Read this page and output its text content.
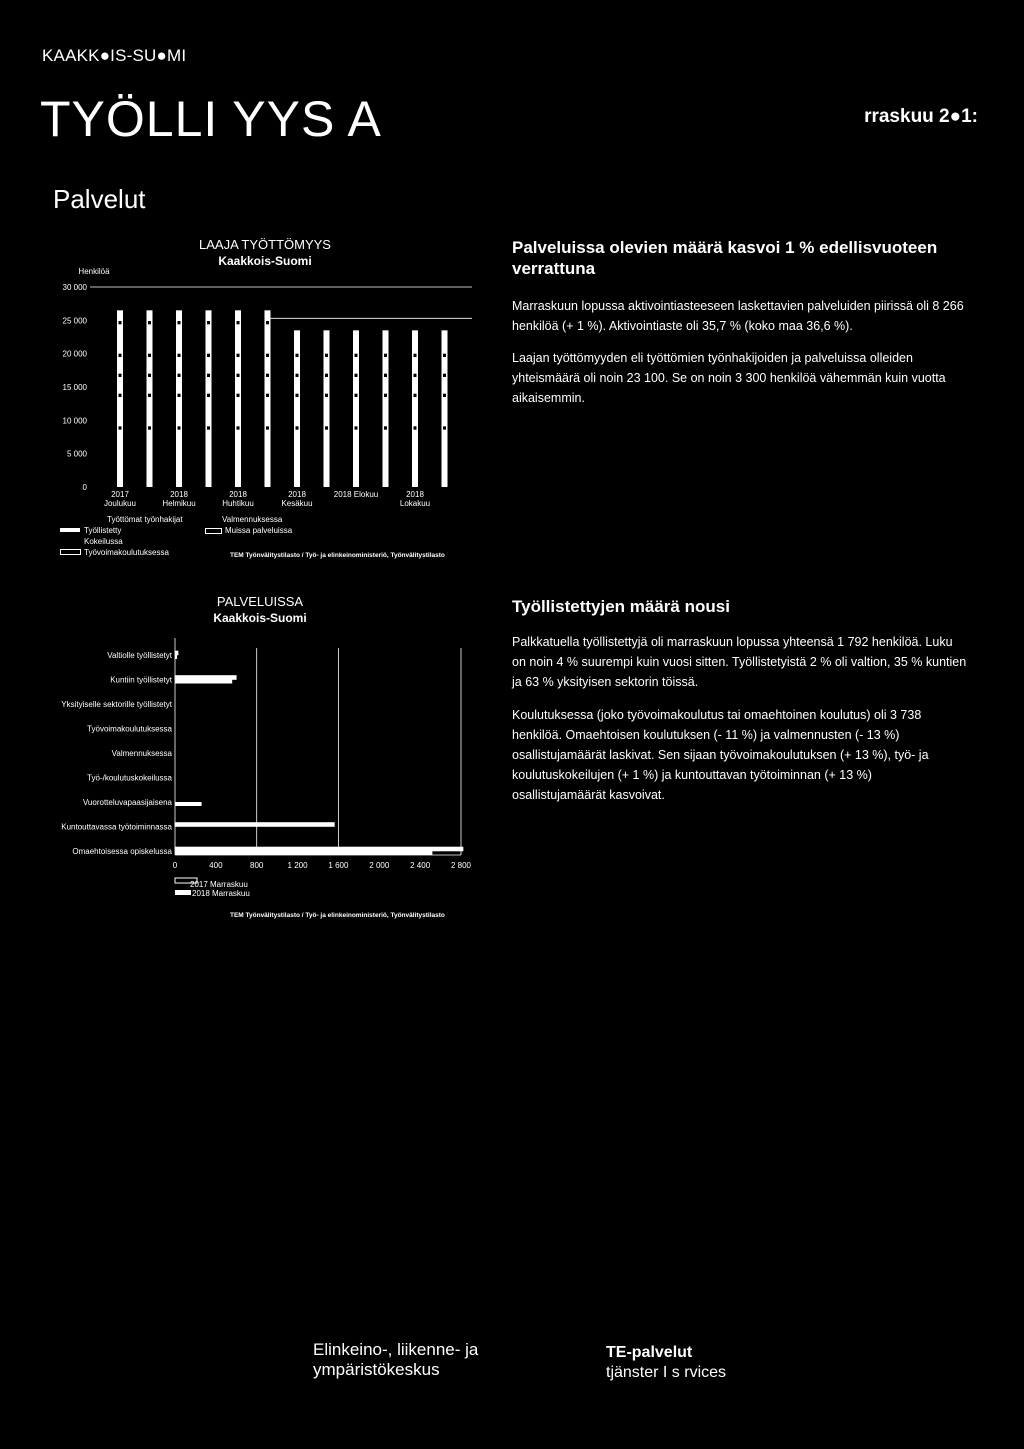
KAAKK●IS-SU●MI
TYÖLLI YYS A	rraskuu 2●1:
Palvelut
LAAJA TYÖTTÖMYYS
Kaakkois-Suomi
Henkilöä
0
5 000
10 000
15 000
20 000
25 000
30 000
2017
Joulukuu
2018
Helmikuu
2018
Huhtikuu
2018
Kesäkuu
2018 Elokuu	2018
Lokakuu
Työttömat työnhakijat
Työllistetty
Kokeilussa
Työvoimakoulutuksessa
Valmennuksessa
Muissa palveluissa
TEM Työnvälitystilasto / Työ- ja elinkeinoministeriö, Työnvälitystilasto
Palveluissa olevien määrä kasvoi 1 % edellisvuoteen verrattuna
Marraskuun lopussa aktivointiasteeseen laskettavien palveluiden piirissä oli 8 266 henkilöä (+ 1 %). Aktivointiaste oli 35,7 % (koko maa 36,6 %).
Laajan työttömyyden eli työttömien työnhakijoiden ja palveluissa olleiden yhteismäärä oli noin 23 100. Se on noin 3 300 henkilöä vähemmän kuin vuotta aikaisemmin.
PALVELUISSA
Kaakkois-Suomi
Valtiolle työllistetyt
Kuntiin työllistetyt
Yksityiselle sektorille työllistetyt
Työvoimakoulutuksessa
Valmennuksessa
Työ-/koulutuskokeilussa
Vuorotteluvapaasijaisena
Kuntouttavassa työtoiminnassa
Omaehtoisessa opiskelussa
0	400	800	1 200	1 600	2 000	2 400	2 800
2017 Marraskuu
2018 Marraskuu
TEM Työnvälitystilasto / Työ- ja elinkeinoministeriö, Työnvälitystilasto
Työllistettyjen määrä nousi
Palkkatuella työllistettyjä oli marraskuun lopussa yhteensä 1 792 henkilöä. Luku on noin 4 % suurempi kuin vuosi sitten. Työllistetyistä 2 % oli valtion, 35 % kuntien ja 63 % yksityisen sektorin töissä.
Koulutuksessa (joko työvoimakoulutus tai omaehtoinen koulutus) oli 3 738 henkilöä. Omaehtoisen koulutuksen (- 11 %) ja valmennusten (- 13 %) osallistujamäärät laskivat. Sen sijaan työvoimakoulutuksen (+ 13 %), työ- ja koulutuskokeilujen (+ 1 %) ja kuntouttavan työtoiminnan (+ 13 %) osallistujamäärät kasvoivat.
Elinkeino-, liikenne- ja
ympäristökeskus
TE-palvelut
tjänster I s rvices
